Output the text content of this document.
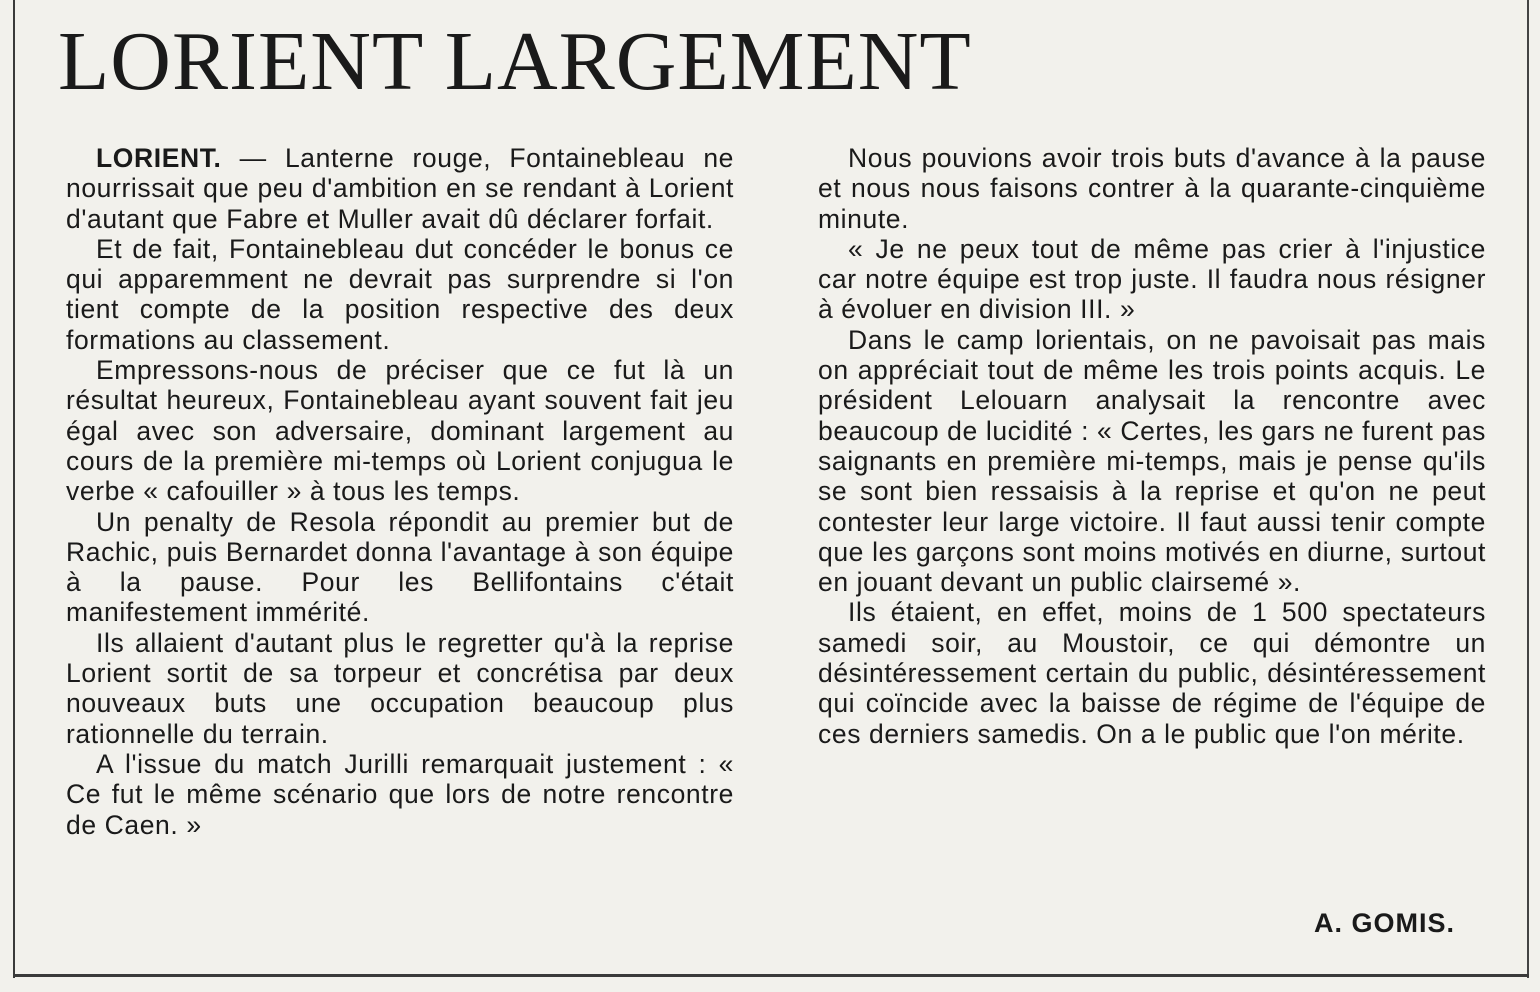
LORIENT LARGEMENT

LORIENT. — Lanterne rouge, Fontainebleau ne nourrissait que peu d'ambition en se rendant à Lorient d'autant que Fabre et Muller avait dû déclarer forfait.

Et de fait, Fontainebleau dut concéder le bonus ce qui apparemment ne devrait pas surprendre si l'on tient compte de la position respective des deux formations au classement.

Empressons-nous de préciser que ce fut là un résultat heureux, Fontainebleau ayant souvent fait jeu égal avec son adversaire, dominant largement au cours de la première mi-temps où Lorient conjugua le verbe « cafouiller » à tous les temps.

Un penalty de Resola répondit au premier but de Rachic, puis Bernardet donna l'avantage à son équipe à la pause. Pour les Bellifontains c'était manifestement immérité.

Ils allaient d'autant plus le regretter qu'à la reprise Lorient sortit de sa torpeur et concrétisa par deux nouveaux buts une occupation beaucoup plus rationnelle du terrain.

A l'issue du match Jurilli remarquait justement : « Ce fut le même scénario que lors de notre rencontre de Caen. »

Nous pouvions avoir trois buts d'avance à la pause et nous nous faisons contrer à la quarante-cinquième minute.

« Je ne peux tout de même pas crier à l'injustice car notre équipe est trop juste. Il faudra nous résigner à évoluer en division III. »

Dans le camp lorientais, on ne pavoisait pas mais on appréciait tout de même les trois points acquis. Le président Lelouarn analysait la rencontre avec beaucoup de lucidité : « Certes, les gars ne furent pas saignants en première mi-temps, mais je pense qu'ils se sont bien ressaisis à la reprise et qu'on ne peut contester leur large victoire. Il faut aussi tenir compte que les garçons sont moins motivés en diurne, surtout en jouant devant un public clairsemé ».

Ils étaient, en effet, moins de 1 500 spectateurs samedi soir, au Moustoir, ce qui démontre un désintéressement certain du public, désintéressement qui coïncide avec la baisse de régime de l'équipe de ces derniers samedis. On a le public que l'on mérite.

A. GOMIS.
